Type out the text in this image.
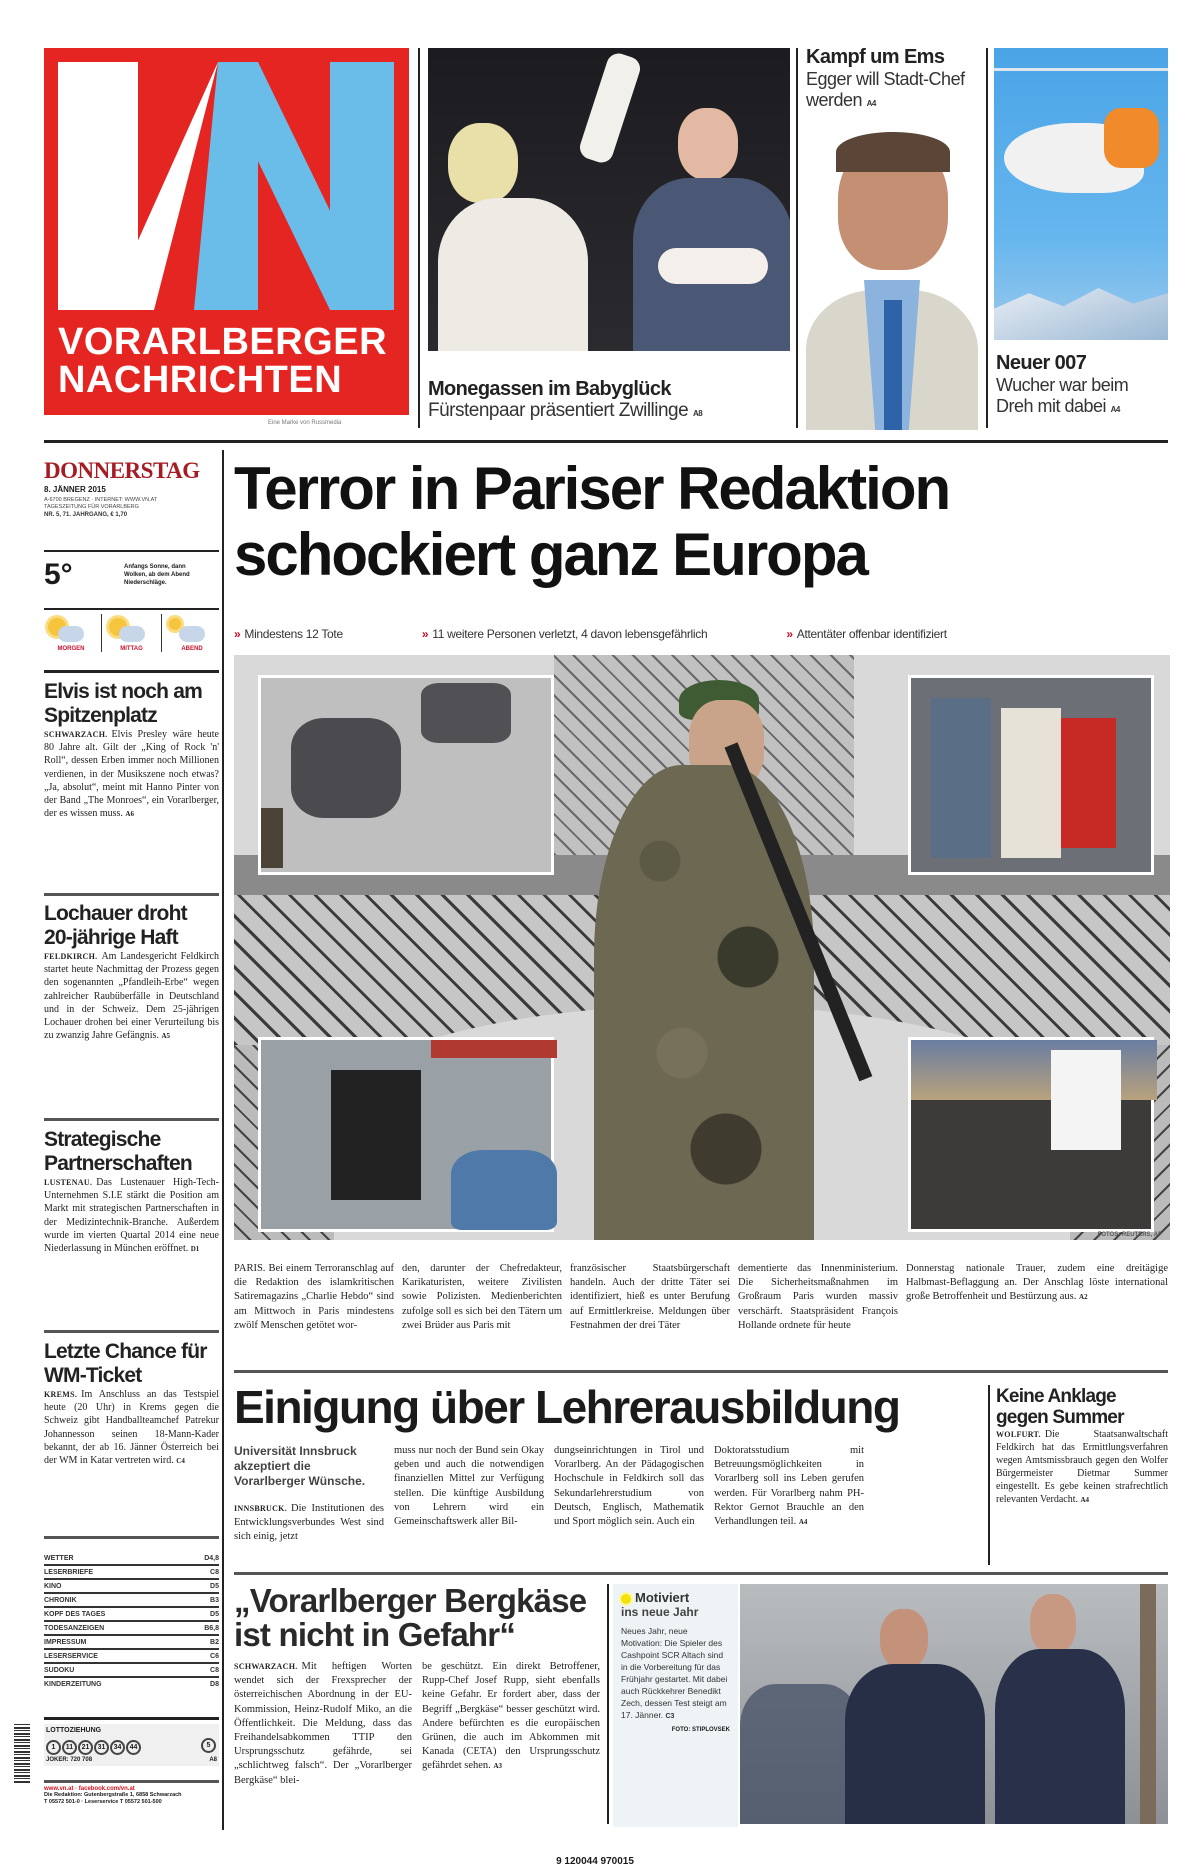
VORARLBERGER
NACHRICHTEN
Eine Marke von Russmedia
Monegassen im Babyglück
Fürstenpaar präsentiert Zwillinge A8
Kampf um Ems
Egger will Stadt-Chef werden A4
Neuer 007
Wucher war beim Dreh mit dabei A4
DONNERSTAG
8. JÄNNER 2015
A-6700 BREGENZ · INTERNET: WWW.VN.AT
TAGESZEITUNG FÜR VORARLBERG
NR. 5, 71. JAHRGANG, € 1,70
5°	Anfangs Sonne, dann Wolken, ab dem Abend Niederschläge.
MORGEN	MITTAG	ABEND
Elvis ist noch am Spitzenplatz
SCHWARZACH. Elvis Presley wäre heute 80 Jahre alt. Gilt der „King of Rock 'n' Roll“, dessen Erben immer noch Millionen verdienen, in der Musikszene noch etwas? „Ja, absolut“, meint mit Hanno Pinter von der Band „The Monroes“, ein Vorarlberger, der es wissen muss. A6
Lochauer droht 20-jährige Haft
FELDKIRCH. Am Landesgericht Feldkirch startet heute Nachmittag der Prozess gegen den sogenannten „Pfandleih-Erbe“ wegen zahlreicher Raubüberfälle in Deutschland und in der Schweiz. Dem 25-jährigen Lochauer drohen bei einer Verurteilung bis zu zwanzig Jahre Gefängnis. A5
Strategische Partnerschaften
LUSTENAU. Das Lustenauer High-Tech-Unternehmen S.I.E stärkt die Position am Markt mit strategischen Partnerschaften in der Medizintechnik-Branche. Außerdem wurde im vierten Quartal 2014 eine neue Niederlassung in München eröffnet. D1
Letzte Chance für WM-Ticket
KREMS. Im Anschluss an das Testspiel heute (20 Uhr) in Krems gegen die Schweiz gibt Handballteamchef Patrekur Johannesson seinen 18-Mann-Kader bekannt, der ab 16. Jänner Österreich bei der WM in Katar vertreten wird. C4
WETTER	D4,8
LESERBRIEFE	C8
KINO	D5
CHRONIK	B3
KOPF DES TAGES	D5
TODESANZEIGEN	B6,8
IMPRESSUM	B2
LESERSERVICE	C6
SUDOKU	C8
KINDERZEITUNG	D8
LOTTOZIEHUNG
1 11 21 31 34 44	5
JOKER: 720 708	A8
www.vn.at · facebook.com/vn.at
Die Redaktion: Gutenbergstraße 1, 6858 Schwarzach
T 05572 501-0 · Leserservice T 05572 501-500
Terror in Pariser Redaktion
schockiert ganz Europa
» Mindestens 12 Tote	» 11 weitere Personen verletzt, 4 davon lebensgefährlich	» Attentäter offenbar identifiziert
FOTOS: REUTERS, AP
PARIS. Bei einem Terroranschlag auf die Redaktion des islamkritischen Satiremagazins „Charlie Hebdo“ sind am Mittwoch in Paris mindestens zwölf Menschen getötet wor-
den, darunter der Chefredakteur, Karikaturisten, weitere Zivilisten sowie Polizisten. Medienberichten zufolge soll es sich bei den Tätern um zwei Brüder aus Paris mit
französischer Staatsbürgerschaft handeln. Auch der dritte Täter sei identifiziert, hieß es unter Berufung auf Ermittlerkreise. Meldungen über Festnahmen der drei Täter
dementierte das Innenministerium. Die Sicherheitsmaßnahmen im Großraum Paris wurden massiv verschärft. Staatspräsident François Hollande ordnete für heute
Donnerstag nationale Trauer, zudem eine dreitägige Halbmast-Beflaggung an. Der Anschlag löste international große Betroffenheit und Bestürzung aus. A2
Einigung über Lehrerausbildung
Universität Innsbruck akzeptiert die Vorarlberger Wünsche.
INNSBRUCK. Die Institutionen des Entwicklungsverbundes West sind sich einig, jetzt
muss nur noch der Bund sein Okay geben und auch die notwendigen finanziellen Mittel zur Verfügung stellen. Die künftige Ausbildung von Lehrern wird ein Gemeinschaftswerk aller Bil-
dungseinrichtungen in Tirol und Vorarlberg. An der Pädagogischen Hochschule in Feldkirch soll das Sekundarlehrerstudium von Deutsch, Englisch, Mathematik und Sport möglich sein. Auch ein
Doktoratsstudium mit Betreuungsmöglichkeiten in Vorarlberg soll ins Leben gerufen werden. Für Vorarlberg nahm PH-Rektor Gernot Brauchle an den Verhandlungen teil. A4
Keine Anklage gegen Summer
WOLFURT. Die Staatsanwaltschaft Feldkirch hat das Ermittlungsverfahren wegen Amtsmissbrauch gegen den Wolfer Bürgermeister Dietmar Summer eingestellt. Es gebe keinen strafrechtlich relevanten Verdacht. A4
„Vorarlberger Bergkäse
ist nicht in Gefahr“
SCHWARZACH. Mit heftigen Worten wendet sich der Frexsprecher der österreichischen Abordnung in der EU-Kommission, Heinz-Rudolf Miko, an die Öffentlichkeit. Die Meldung, dass das Freihandelsabkommen TTIP den Ursprungsschutz gefährde, sei „schlichtweg falsch“. Der „Vorarlberger Bergkäse“ blei-
be geschützt. Ein direkt Betroffener, Rupp-Chef Josef Rupp, sieht ebenfalls keine Gefahr. Er fordert aber, dass der Begriff „Bergkäse“ besser geschützt wird. Andere befürchten es die europäischen Grünen, die auch im Abkommen mit Kanada (CETA) den Ursprungsschutz gefährdet sehen. A3
Motiviert
ins neue Jahr
Neues Jahr, neue Motivation: Die Spieler des Cashpoint SCR Altach sind in die Vorbereitung für das Frühjahr gestartet. Mit dabei auch Rückkehrer Benedikt Zech, dessen Test steigt am 17. Jänner. C3
FOTO: STIPLOVSEK
9 120044 970015
